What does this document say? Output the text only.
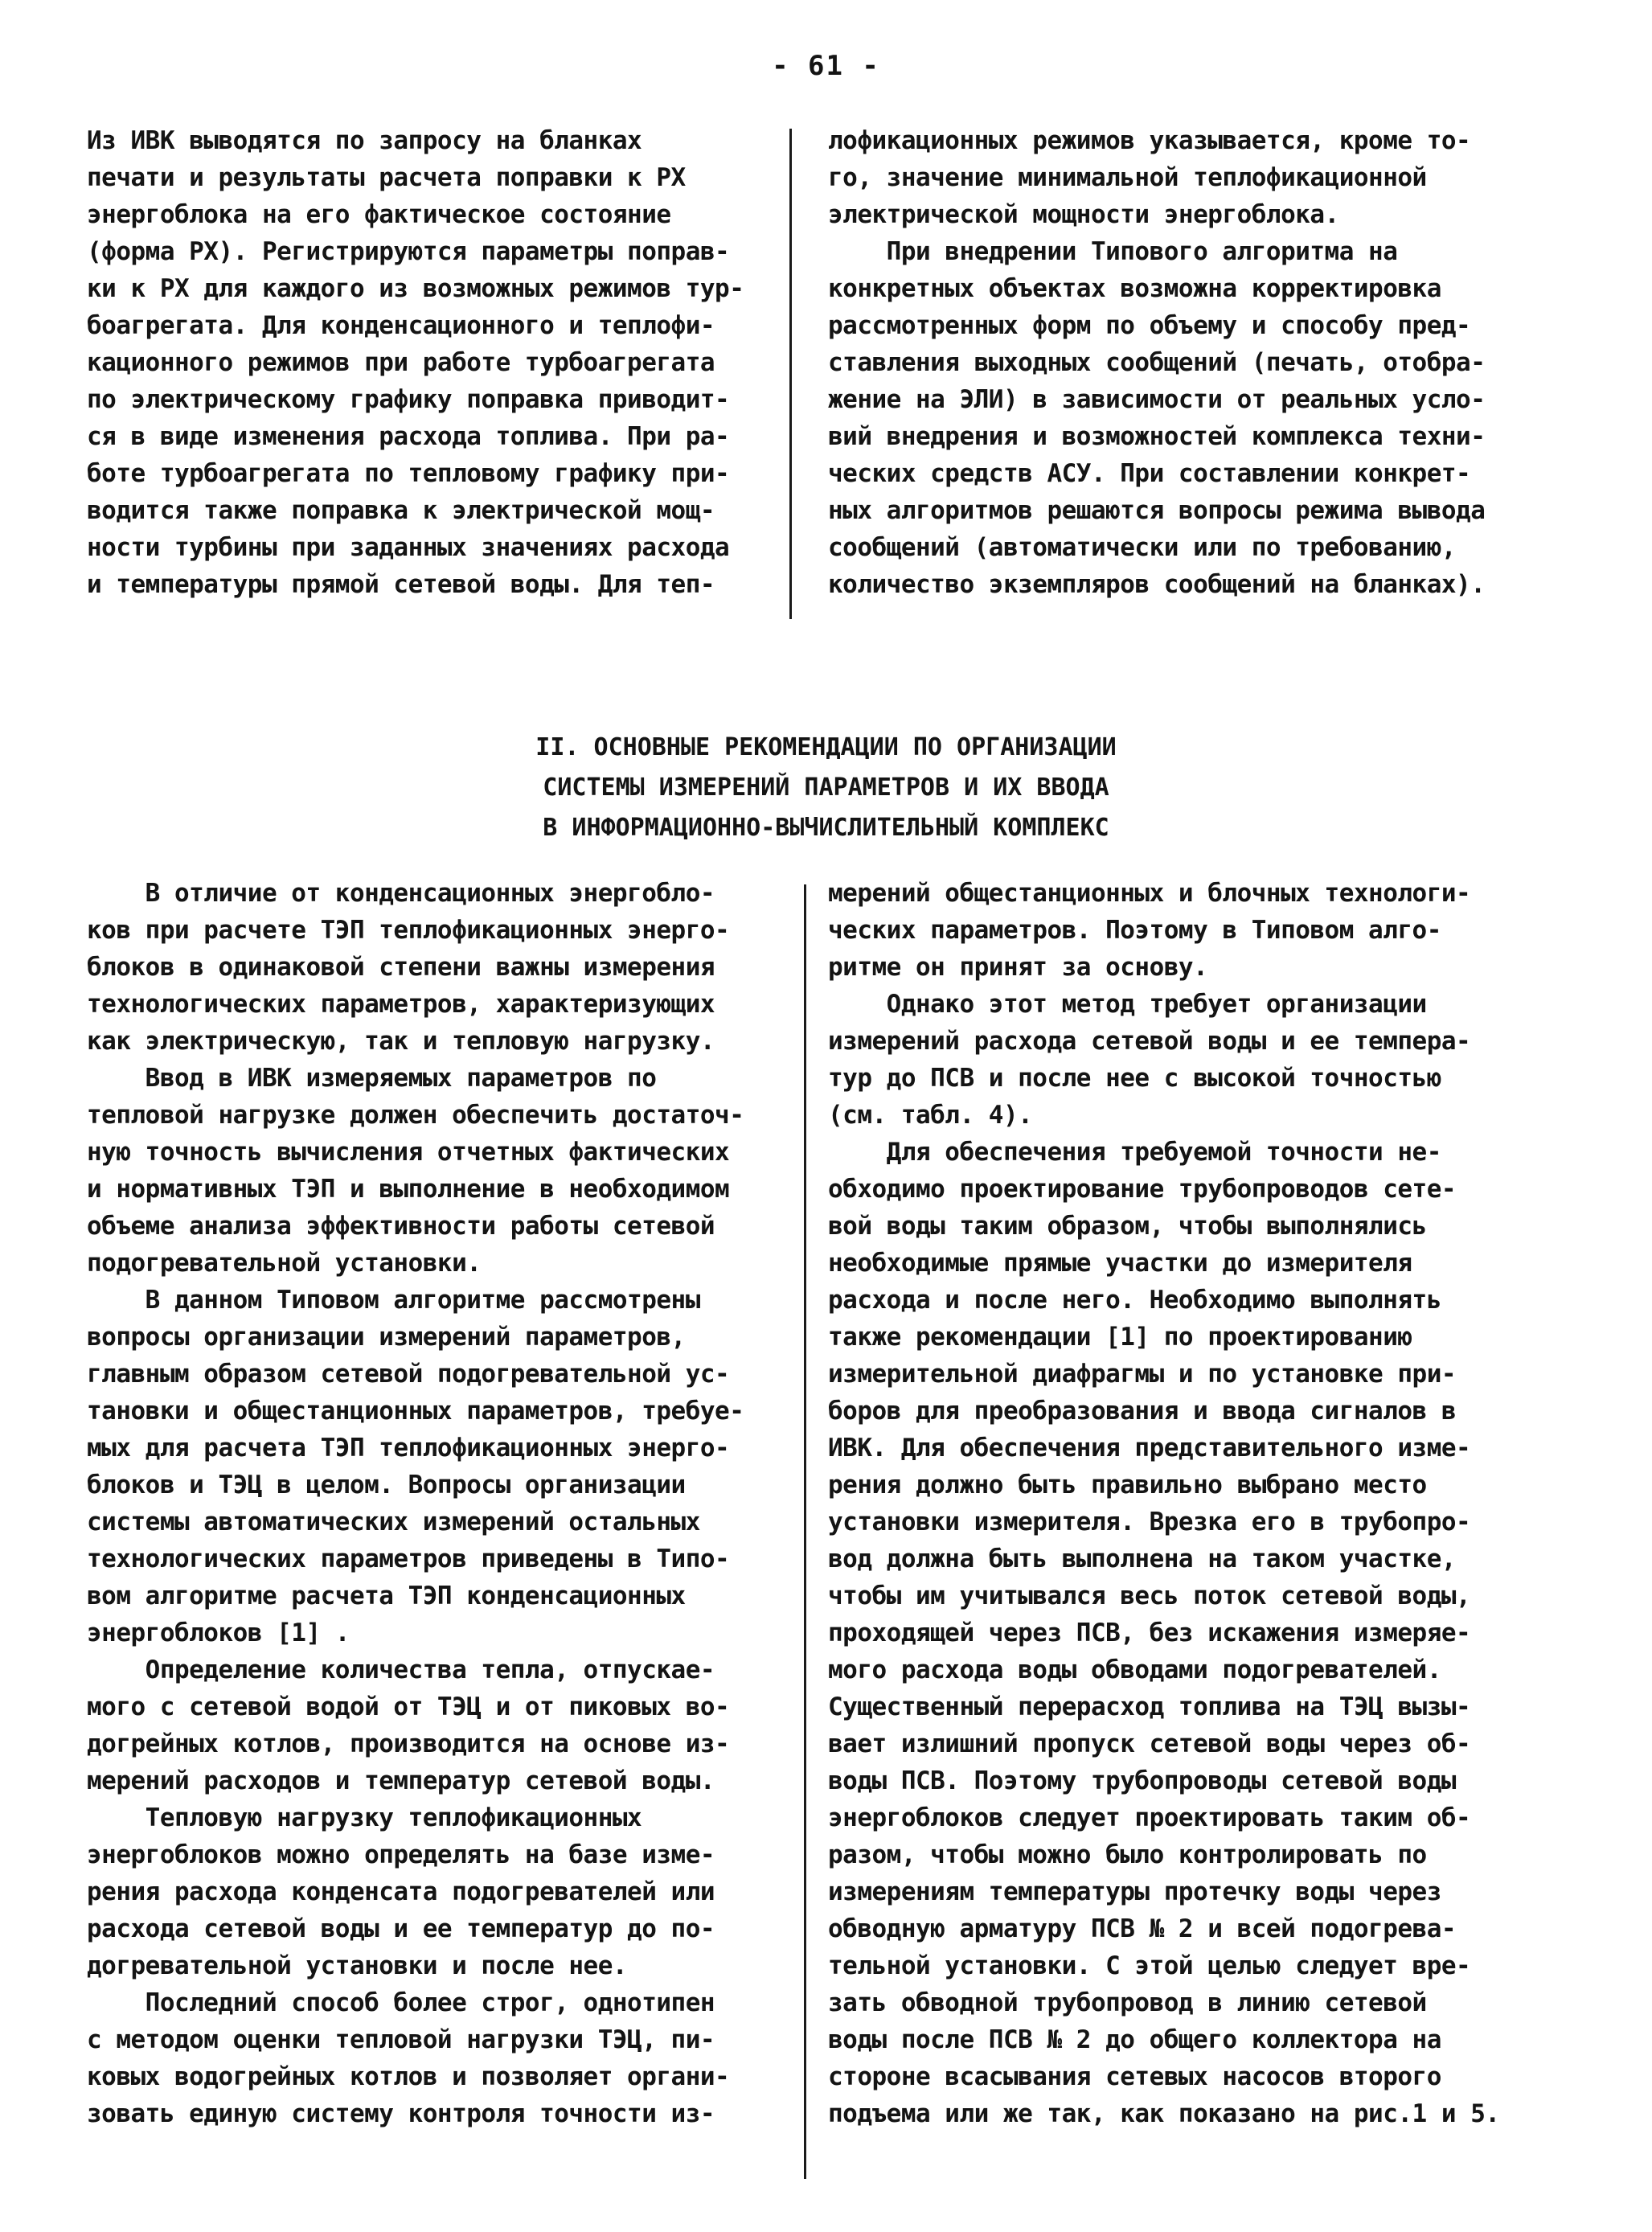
- 61 -
Из ИВК выводятся по запросу на бланках
печати и результаты расчета поправки к РХ
энергоблока на его фактическое состояние
(форма РХ). Регистрируются параметры поправ-
ки к РХ для каждого из возможных режимов тур-
боагрегата. Для конденсационного и теплофи-
кационного режимов при работе турбоагрегата
по электрическому графику поправка приводит-
ся в виде изменения расхода топлива. При ра-
боте турбоагрегата по тепловому графику при-
водится также поправка к электрической мощ-
ности турбины при заданных значениях расхода
и температуры прямой сетевой воды. Для теп-
лофикационных режимов указывается, кроме то-
го, значение минимальной теплофикационной
электрической мощности энергоблока.
При внедрении Типового алгоритма на
конкретных объектах возможна корректировка
рассмотренных форм по объему и способу пред-
ставления выходных сообщений (печать, отобра-
жение на ЭЛИ) в зависимости от реальных усло-
вий внедрения и возможностей комплекса техни-
ческих средств АСУ. При составлении конкрет-
ных алгоритмов решаются вопросы режима вывода
сообщений (автоматически или по требованию,
количество экземпляров сообщений на бланках).
II. ОСНОВНЫЕ РЕКОМЕНДАЦИИ ПО ОРГАНИЗАЦИИ
СИСТЕМЫ ИЗМЕРЕНИЙ ПАРАМЕТРОВ И ИХ ВВОДА
В ИНФОРМАЦИОННО-ВЫЧИСЛИТЕЛЬНЫЙ КОМПЛЕКС
В отличие от конденсационных энергобло-
ков при расчете ТЭП теплофикационных энерго-
блоков в одинаковой степени важны измерения
технологических параметров, характеризующих
как электрическую, так и тепловую нагрузку.
Ввод в ИВК измеряемых параметров по
тепловой нагрузке должен обеспечить достаточ-
ную точность вычисления отчетных фактических
и нормативных ТЭП и выполнение в необходимом
объеме анализа эффективности работы сетевой
подогревательной установки.
В данном Типовом алгоритме рассмотрены
вопросы организации измерений параметров,
главным образом сетевой подогревательной ус-
тановки и общестанционных параметров, требуе-
мых для расчета ТЭП теплофикационных энерго-
блоков и ТЭЦ в целом. Вопросы организации
системы автоматических измерений остальных
технологических параметров приведены в Типо-
вом алгоритме расчета ТЭП конденсационных
энергоблоков [1] .
Определение количества тепла, отпускае-
мого с сетевой водой от ТЭЦ и от пиковых во-
догрейных котлов, производится на основе из-
мерений расходов и температур сетевой воды.
Тепловую нагрузку теплофикационных
энергоблоков можно определять на базе изме-
рения расхода конденсата подогревателей или
расхода сетевой воды и ее температур до по-
догревательной установки и после нее.
Последний способ более строг, однотипен
с методом оценки тепловой нагрузки ТЭЦ, пи-
ковых водогрейных котлов и позволяет органи-
зовать единую систему контроля точности из-
мерений общестанционных и блочных технологи-
ческих параметров. Поэтому в Типовом алго-
ритме он принят за основу.
Однако этот метод требует организации
измерений расхода сетевой воды и ее темпера-
тур до ПСВ и после нее с высокой точностью
(см. табл. 4).
Для обеспечения требуемой точности не-
обходимо проектирование трубопроводов сете-
вой воды таким образом, чтобы выполнялись
необходимые прямые участки до измерителя
расхода и после него. Необходимо выполнять
также рекомендации [1] по проектированию
измерительной диафрагмы и по установке при-
боров для преобразования и ввода сигналов в
ИВК. Для обеспечения представительного изме-
рения должно быть правильно выбрано место
установки измерителя. Врезка его в трубопро-
вод должна быть выполнена на таком участке,
чтобы им учитывался весь поток сетевой воды,
проходящей через ПСВ, без искажения измеряе-
мого расхода воды обводами подогревателей.
Существенный перерасход топлива на ТЭЦ вызы-
вает излишний пропуск сетевой воды через об-
воды ПСВ. Поэтому трубопроводы сетевой воды
энергоблоков следует проектировать таким об-
разом, чтобы можно было контролировать по
измерениям температуры протечку воды через
обводную арматуру ПСВ № 2 и всей подогрева-
тельной установки. С этой целью следует вре-
зать обводной трубопровод в линию сетевой
воды после ПСВ № 2 до общего коллектора на
стороне всасывания сетевых насосов второго
подъема или же так, как показано на рис.1 и 5.
